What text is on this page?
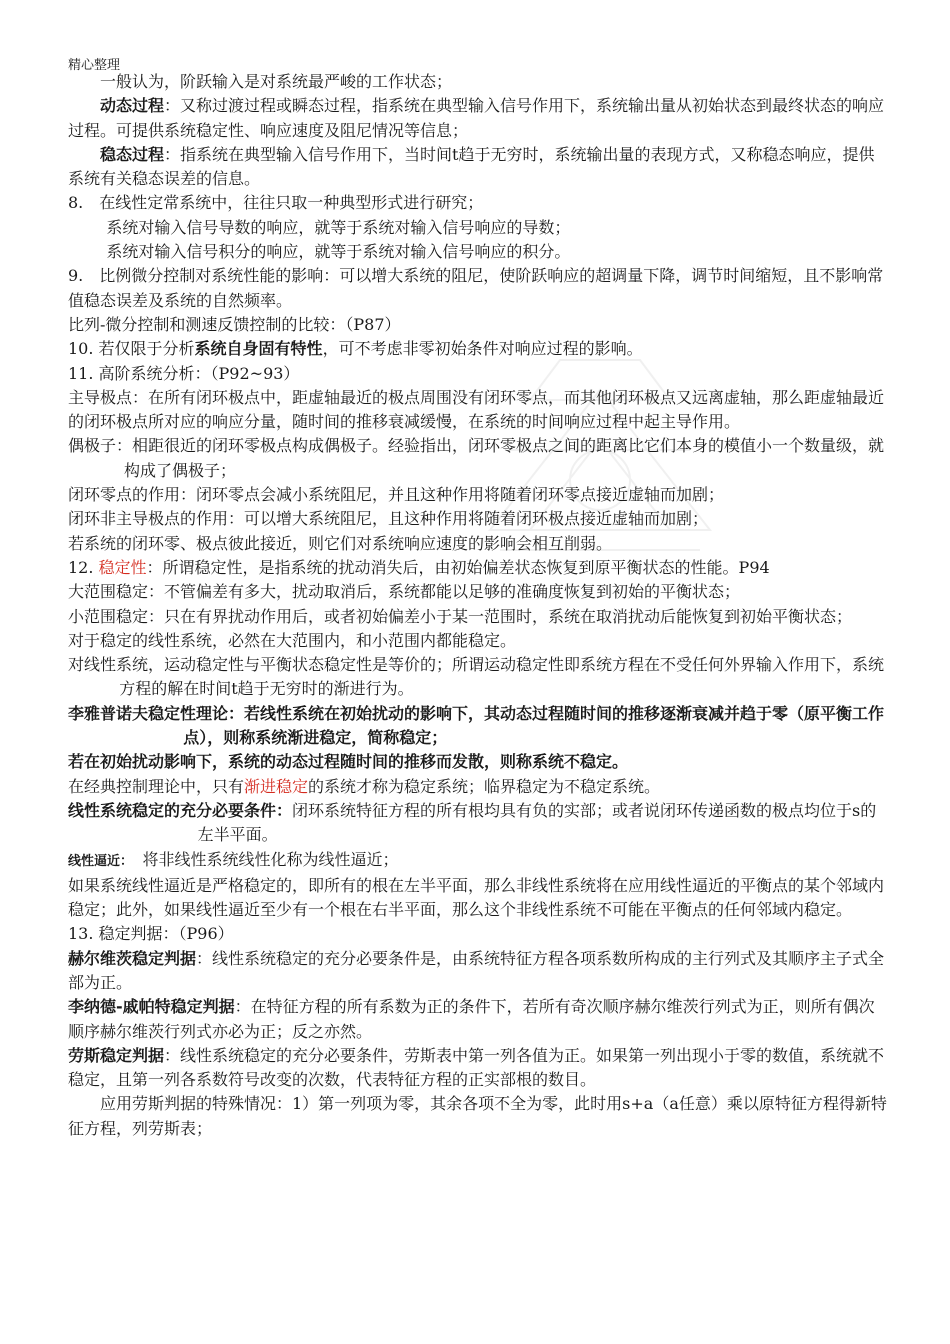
精心整理

一般认为，阶跃输入是对系统最严峻的工作状态；

动态过程：又称过渡过程或瞬态过程，指系统在典型输入信号作用下，系统输出量从初始状态到最终状态的响应过程。可提供系统稳定性、响应速度及阻尼情况等信息；

稳态过程：指系统在典型输入信号作用下，当时间t趋于无穷时，系统输出量的表现方式，又称稳态响应，提供系统有关稳态误差的信息。

8.　在线性定常系统中，往往只取一种典型形式进行研究；

系统对输入信号导数的响应，就等于系统对输入信号响应的导数；

系统对输入信号积分的响应，就等于系统对输入信号响应的积分。

9.　比例微分控制对系统性能的影响：可以增大系统的阻尼，使阶跃响应的超调量下降，调节时间缩短，且不影响常值稳态误差及系统的自然频率。

比列-微分控制和测速反馈控制的比较：（P87）

10. 若仅限于分析系统自身固有特性，可不考虑非零初始条件对响应过程的影响。

11. 高阶系统分析：（P92~93）

主导极点：在所有闭环极点中，距虚轴最近的极点周围没有闭环零点，而其他闭环极点又远离虚轴，那么距虚轴最近的闭环极点所对应的响应分量，随时间的推移衰减缓慢，在系统的时间响应过程中起主导作用。

偶极子：相距很近的闭环零极点构成偶极子。经验指出，闭环零极点之间的距离比它们本身的模值小一个数量级，就构成了偶极子；

闭环零点的作用：闭环零点会减小系统阻尼，并且这种作用将随着闭环零点接近虚轴而加剧；

闭环非主导极点的作用：可以增大系统阻尼，且这种作用将随着闭环极点接近虚轴而加剧；

若系统的闭环零、极点彼此接近，则它们对系统响应速度的影响会相互削弱。

12. 稳定性：所谓稳定性，是指系统的扰动消失后，由初始偏差状态恢复到原平衡状态的性能。P94

大范围稳定：不管偏差有多大，扰动取消后，系统都能以足够的准确度恢复到初始的平衡状态；

小范围稳定：只在有界扰动作用后，或者初始偏差小于某一范围时，系统在取消扰动后能恢复到初始平衡状态；

对于稳定的线性系统，必然在大范围内，和小范围内都能稳定。

对线性系统，运动稳定性与平衡状态稳定性是等价的；所谓运动稳定性即系统方程在不受任何外界输入作用下，系统方程的解在时间t趋于无穷时的渐进行为。

李雅普诺夫稳定性理论：若线性系统在初始扰动的影响下，其动态过程随时间的推移逐渐衰减并趋于零（原平衡工作点），则称系统渐进稳定，简称稳定；

若在初始扰动影响下，系统的动态过程随时间的推移而发散，则称系统不稳定。

在经典控制理论中，只有渐进稳定的系统才称为稳定系统；临界稳定为不稳定系统。

线性系统稳定的充分必要条件：闭环系统特征方程的所有根均具有负的实部；或者说闭环传递函数的极点均位于s的左半平面。

线性逼近：　将非线性系统线性化称为线性逼近；

如果系统线性逼近是严格稳定的，即所有的根在左半平面，那么非线性系统将在应用线性逼近的平衡点的某个邻域内稳定；此外，如果线性逼近至少有一个根在右半平面，那么这个非线性系统不可能在平衡点的任何邻域内稳定。

13. 稳定判据：（P96）

赫尔维茨稳定判据：线性系统稳定的充分必要条件是，由系统特征方程各项系数所构成的主行列式及其顺序主子式全部为正。

李纳德-戚帕特稳定判据：在特征方程的所有系数为正的条件下，若所有奇次顺序赫尔维茨行列式为正，则所有偶次顺序赫尔维茨行列式亦必为正；反之亦然。

劳斯稳定判据：线性系统稳定的充分必要条件，劳斯表中第一列各值为正。如果第一列出现小于零的数值，系统就不稳定，且第一列各系数符号改变的次数，代表特征方程的正实部根的数目。

应用劳斯判据的特殊情况：1）第一列项为零，其余各项不全为零，此时用s+a（a任意）乘以原特征方程得新特征方程，列劳斯表；
